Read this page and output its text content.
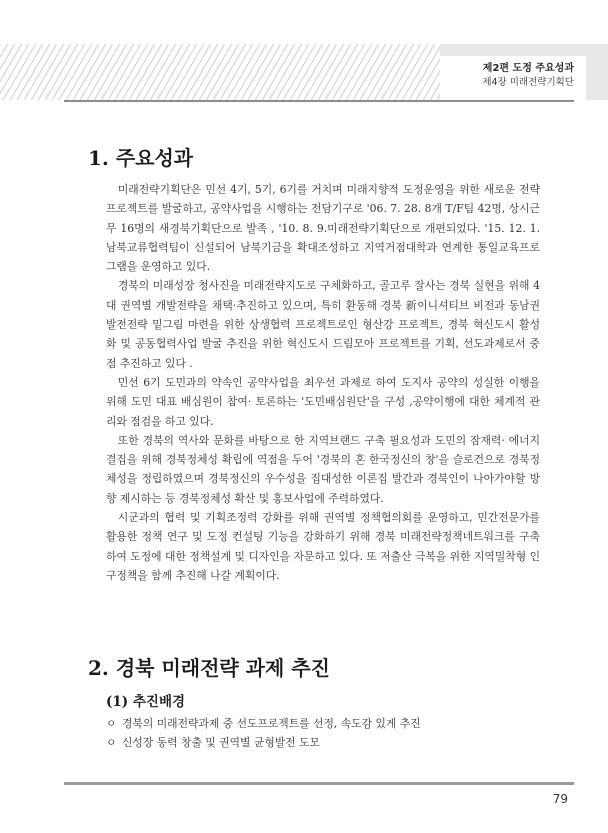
제2편 도정 주요성과
제4장 미래전략기획단
1. 주요성과

미래전략기획단은 민선 4기, 5기, 6기를 거치며 미래지향적 도정운영을 위한 새로운 전략 프로젝트를 발굴하고, 공약사업을 시행하는 전담기구로 '06. 7. 28. 8개 T/F팀 42명, 상시근무 16명의 새경북기획단으로 발족 , '10. 8. 9.미래전략기획단으로 개편되었다. '15. 12. 1. 남북교류협력팀이 신설되어 남북기금을 확대조성하고 지역거점대학과 연계한 통일교육프로그램을 운영하고 있다.

경북의 미래성장 청사진을 미래전략지도로 구체화하고, 골고루 잘사는 경북 실현을 위해 4대 권역별 개발전략을 채택·추진하고 있으며, 특히 환동해 경북 新이니셔티브 비전과 동남권 발전전략 밑그림 마련을 위한 상생협력 프로젝트로인 형산강 프로젝트, 경북 혁신도시 활성화 및 공동협력사업 발굴 추진을 위한 혁신도시 드림모아 프로젝트를 기획, 선도과제로서 중점 추진하고 있다 .

민선 6기 도민과의 약속인 공약사업을 최우선 과제로 하여 도지사 공약의 성실한 이행을 위해 도민 대표 배심원이 참여· 토론하는 '도민배심원단'을 구성 ,공약이행에 대한 체계적 관리와 점검을 하고 있다.

또한 경북의 역사와 문화를 바탕으로 한 지역브랜드 구축 필요성과 도민의 잠재력· 에너지 결집을 위해 경북정체성 확립에 역점을 두어 '경북의 혼 한국정신의 창'을 슬로건으로 경북정체성을 정립하였으며 경북정신의 우수성을 집대성한 이론집 발간과 경북인이 나아가야할 방향 제시하는 등 경북정체성 확산 및 홍보사업에 주력하였다.

시군과의 협력 및 기획조정력 강화를 위해 권역별 정책협의회를 운영하고, 민간전문가를 활용한 정책 연구 및 도정 컨설팅 기능을 강화하기 위해 경북 미래전략정책네트워크를 구축하여 도정에 대한 정책설계 및 디자인을 자문하고 있다. 또 저출산 극복을 위한 지역밀착형 인구정책을 함께 추진해 나갈 계획이다.

2. 경북 미래전략 과제 추진
(1) 추진배경
ㅇ 경북의 미래전략과제 중 선도프로젝트를 선정, 속도감 있게 추진
ㅇ 신성장 동력 창출 및 권역별 균형발전 도모
79
